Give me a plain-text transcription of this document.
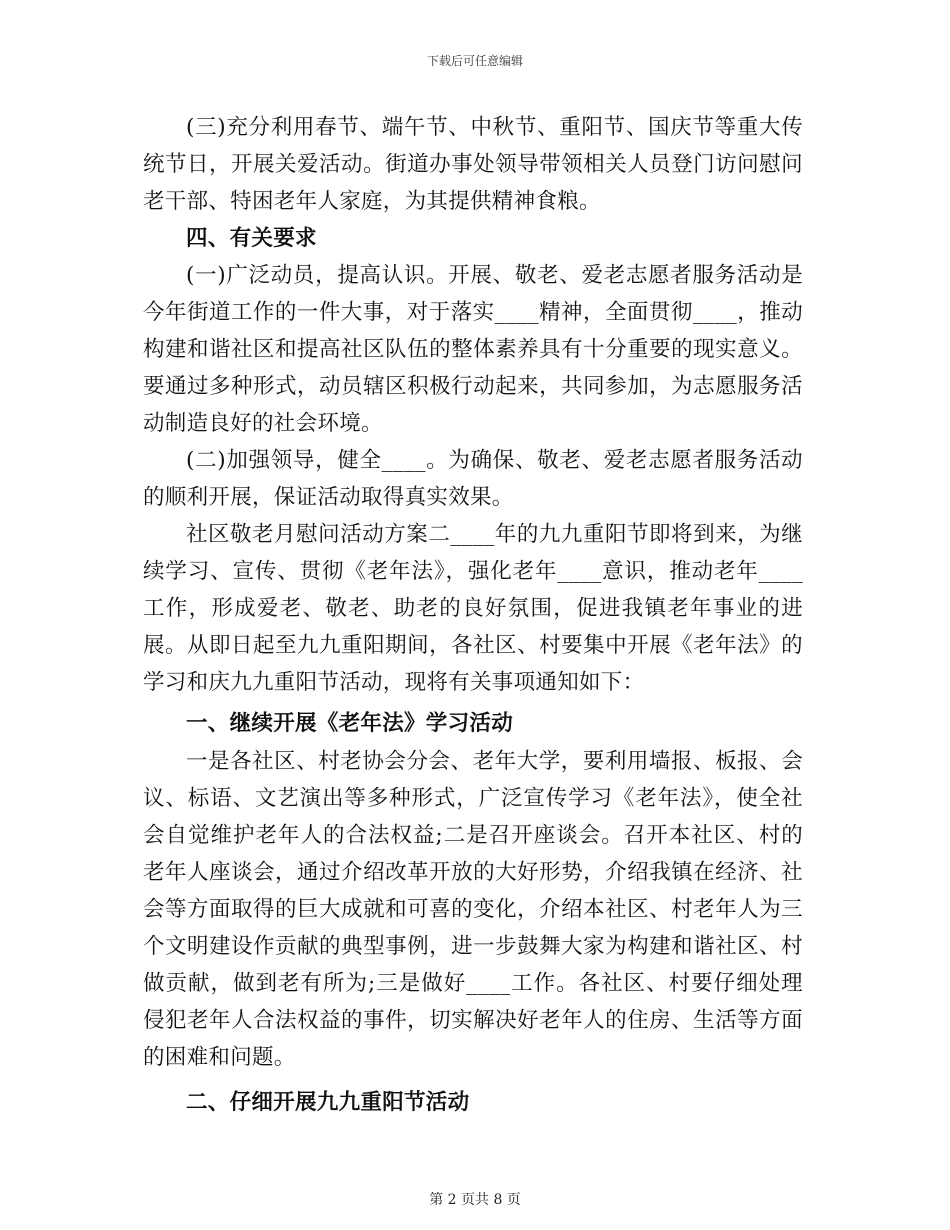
下载后可任意编辑

(三)充分利用春节、端午节、中秋节、重阳节、国庆节等重大传统节日，开展关爱活动。街道办事处领导带领相关人员登门访问慰问老干部、特困老年人家庭，为其提供精神食粮。

四、有关要求

(一)广泛动员，提高认识。开展、敬老、爱老志愿者服务活动是今年街道工作的一件大事，对于落实____精神，全面贯彻____，推动构建和谐社区和提高社区队伍的整体素养具有十分重要的现实意义。要通过多种形式，动员辖区积极行动起来，共同参加，为志愿服务活动制造良好的社会环境。

(二)加强领导，健全____。为确保、敬老、爱老志愿者服务活动的顺利开展，保证活动取得真实效果。

社区敬老月慰问活动方案二____年的九九重阳节即将到来，为继续学习、宣传、贯彻《老年法》，强化老年____意识，推动老年____工作，形成爱老、敬老、助老的良好氛围，促进我镇老年事业的进展。从即日起至九九重阳期间，各社区、村要集中开展《老年法》的学习和庆九九重阳节活动，现将有关事项通知如下：

一、继续开展《老年法》学习活动

一是各社区、村老协会分会、老年大学，要利用墙报、板报、会议、标语、文艺演出等多种形式，广泛宣传学习《老年法》，使全社会自觉维护老年人的合法权益;二是召开座谈会。召开本社区、村的老年人座谈会，通过介绍改革开放的大好形势，介绍我镇在经济、社会等方面取得的巨大成就和可喜的变化，介绍本社区、村老年人为三个文明建设作贡献的典型事例，进一步鼓舞大家为构建和谐社区、村做贡献，做到老有所为;三是做好____工作。各社区、村要仔细处理侵犯老年人合法权益的事件，切实解决好老年人的住房、生活等方面的困难和问题。

二、仔细开展九九重阳节活动

第 2 页共 8 页
